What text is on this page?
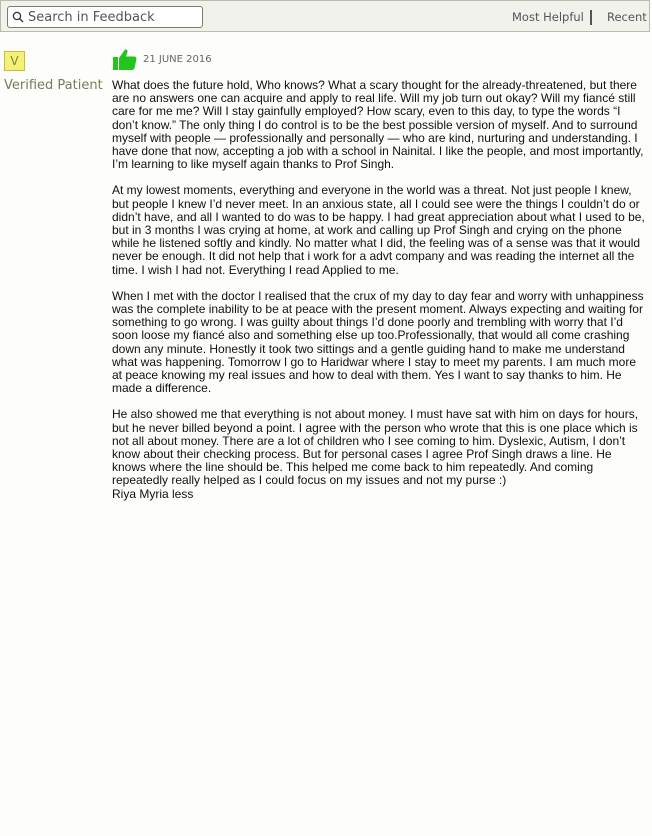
Search in Feedback
Most Helpful Recent
V
Verified Patient
21 JUNE 2016

What does the future hold, Who knows? What a scary thought for the already-threatened, but there are no answers one can acquire and apply to real life. Will my job turn out okay? Will my fiancé still care for me me? Will I stay gainfully employed? How scary, even to this day, to type the words “I don’t know.” The only thing I do control is to be the best possible version of myself. And to surround myself with people — professionally and personally — who are kind, nurturing and understanding. I have done that now, accepting a job with a school in Nainital. I like the people, and most importantly, I’m learning to like myself again thanks to Prof Singh.

At my lowest moments, everything and everyone in the world was a threat. Not just people I knew, but people I knew I’d never meet. In an anxious state, all I could see were the things I couldn’t do or didn’t have, and all I wanted to do was to be happy. I had great appreciation about what I used to be, but in 3 months I was crying at home, at work and calling up Prof Singh and crying on the phone while he listened softly and kindly. No matter what I did, the feeling was of a sense was that it would never be enough. It did not help that i work for a advt company and was reading the internet all the time. I wish I had not. Everything I read Applied to me.

When I met with the doctor I realised that the crux of my day to day fear and worry with unhappiness was the complete inability to be at peace with the present moment. Always expecting and waiting for something to go wrong. I was guilty about things I’d done poorly and trembling with worry that I’d soon loose my fiancé also and something else up too.Professionally, that would all come crashing down any minute. Honestly it took two sittings and a gentle guiding hand to make me understand what was happening. Tomorrow I go to Haridwar where I stay to meet my parents. I am much more at peace knowing my real issues and how to deal with them. Yes I want to say thanks to him. He made a difference.

He also showed me that everything is not about money. I must have sat with him on days for hours, but he never billed beyond a point. I agree with the person who wrote that this is one place which is not all about money. There are a lot of children who I see coming to him. Dyslexic, Autism, I don’t know about their checking process. But for personal cases I agree Prof Singh draws a line. He knows where the line should be. This helped me come back to him repeatedly. And coming repeatedly really helped as I could focus on my issues and not my purse :)

Riya Myria less
